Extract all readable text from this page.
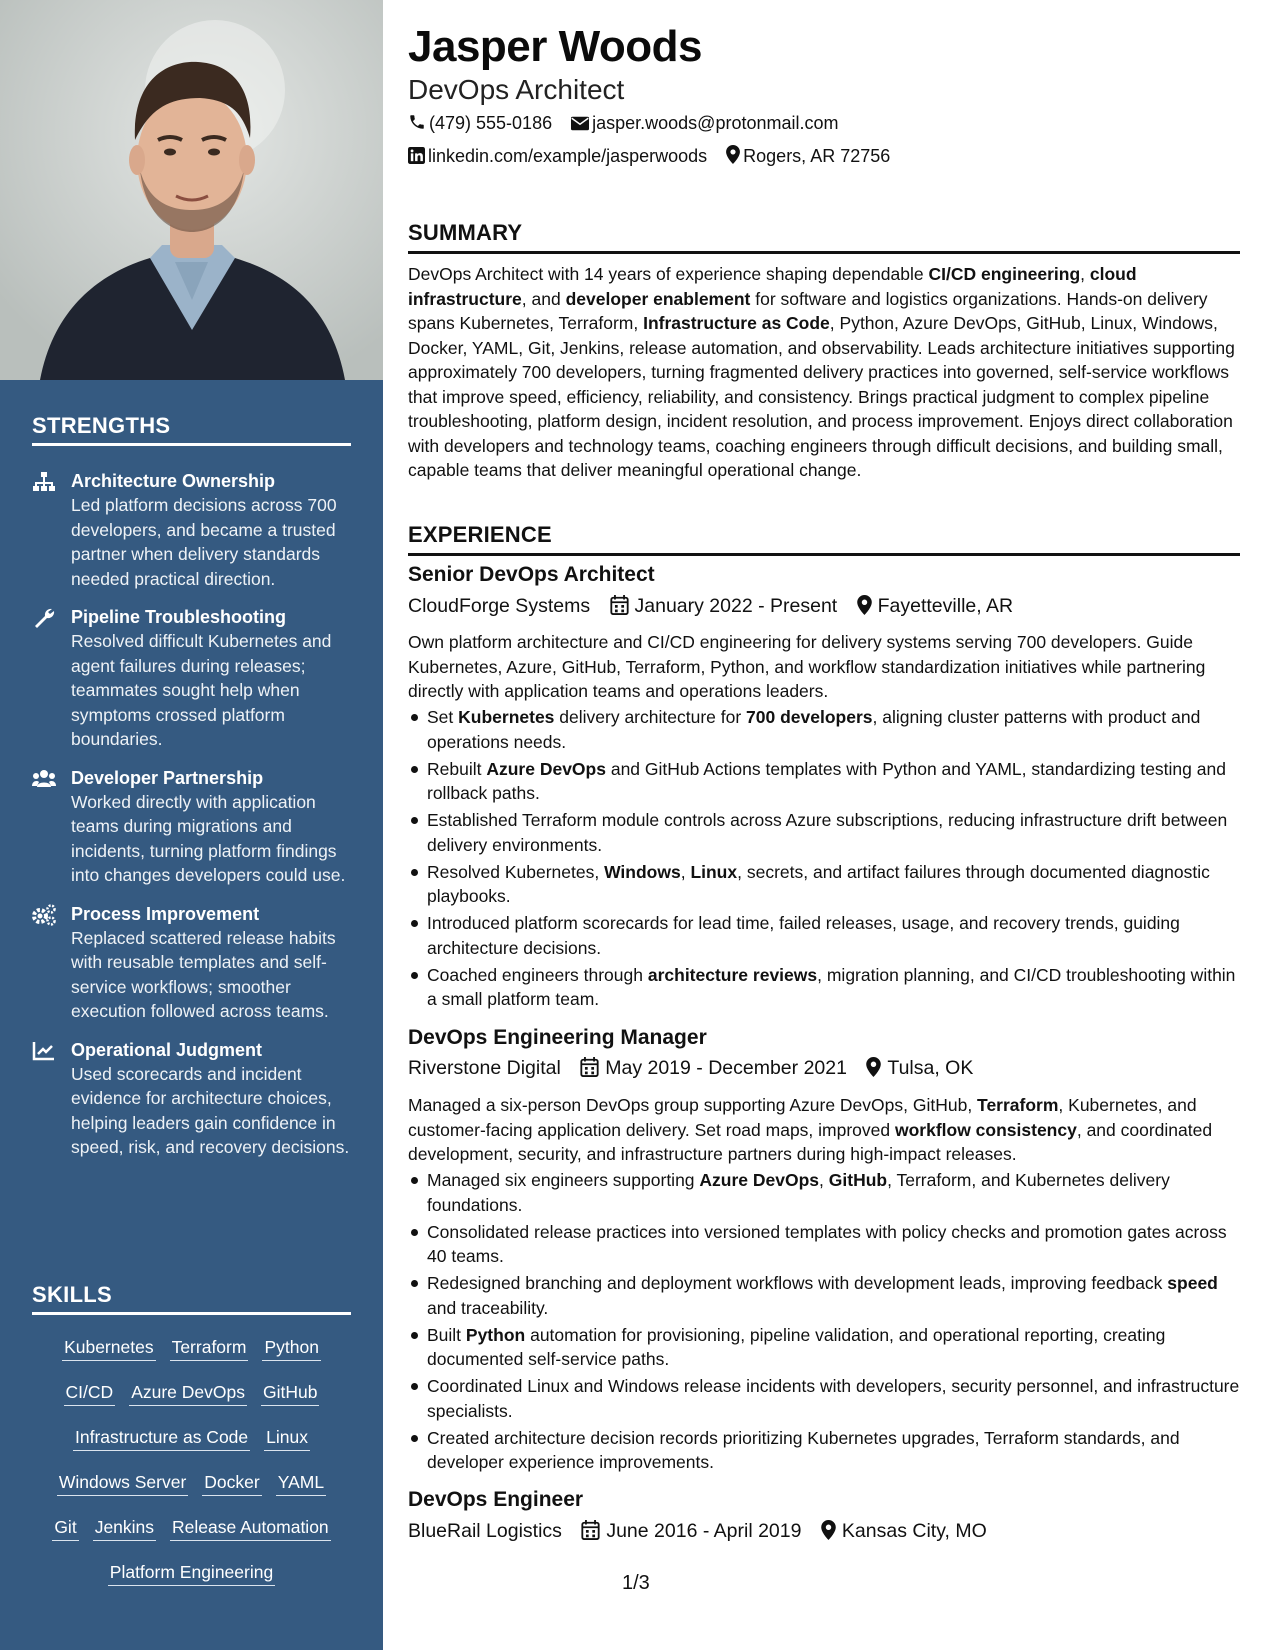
STRENGTHS
Architecture Ownership
Led platform decisions across 700 developers, and became a trusted partner when delivery standards needed practical direction.
Pipeline Troubleshooting
Resolved difficult Kubernetes and agent failures during releases; teammates sought help when symptoms crossed platform boundaries.
Developer Partnership
Worked directly with application teams during migrations and incidents, turning platform findings into changes developers could use.
Process Improvement
Replaced scattered release habits with reusable templates and self-service workflows; smoother execution followed across teams.
Operational Judgment
Used scorecards and incident evidence for architecture choices, helping leaders gain confidence in speed, risk, and recovery decisions.
SKILLS
Kubernetes Terraform Python
CI/CD Azure DevOps GitHub
Infrastructure as Code Linux
Windows Server Docker YAML
Git Jenkins Release Automation
Platform Engineering
Jasper Woods
DevOps Architect
(479) 555-0186 jasper.woods@protonmail.com
linkedin.com/example/jasperwoods Rogers, AR 72756
SUMMARY

DevOps Architect with 14 years of experience shaping dependable CI/CD engineering, cloud infrastructure, and developer enablement for software and logistics organizations. Hands-on delivery spans Kubernetes, Terraform, Infrastructure as Code, Python, Azure DevOps, GitHub, Linux, Windows, Docker, YAML, Git, Jenkins, release automation, and observability. Leads architecture initiatives supporting approximately 700 developers, turning fragmented delivery practices into governed, self-service workflows that improve speed, efficiency, reliability, and consistency. Brings practical judgment to complex pipeline troubleshooting, platform design, incident resolution, and process improvement. Enjoys direct collaboration with developers and technology teams, coaching engineers through difficult decisions, and building small, capable teams that deliver meaningful operational change.

EXPERIENCE
Senior DevOps Architect
CloudForge Systems January 2022 - Present Fayetteville, AR

Own platform architecture and CI/CD engineering for delivery systems serving 700 developers. Guide Kubernetes, Azure, GitHub, Terraform, Python, and workflow standardization initiatives while partnering directly with application teams and operations leaders.

Set Kubernetes delivery architecture for 700 developers, aligning cluster patterns with product and operations needs.
Rebuilt Azure DevOps and GitHub Actions templates with Python and YAML, standardizing testing and rollback paths.
Established Terraform module controls across Azure subscriptions, reducing infrastructure drift between delivery environments.
Resolved Kubernetes, Windows, Linux, secrets, and artifact failures through documented diagnostic playbooks.
Introduced platform scorecards for lead time, failed releases, usage, and recovery trends, guiding architecture decisions.
Coached engineers through architecture reviews, migration planning, and CI/CD troubleshooting within a small platform team.
DevOps Engineering Manager
Riverstone Digital May 2019 - December 2021 Tulsa, OK

Managed a six-person DevOps group supporting Azure DevOps, GitHub, Terraform, Kubernetes, and customer-facing application delivery. Set road maps, improved workflow consistency, and coordinated development, security, and infrastructure partners during high-impact releases.

Managed six engineers supporting Azure DevOps, GitHub, Terraform, and Kubernetes delivery foundations.
Consolidated release practices into versioned templates with policy checks and promotion gates across 40 teams.
Redesigned branching and deployment workflows with development leads, improving feedback speed and traceability.
Built Python automation for provisioning, pipeline validation, and operational reporting, creating documented self-service paths.
Coordinated Linux and Windows release incidents with developers, security personnel, and infrastructure specialists.
Created architecture decision records prioritizing Kubernetes upgrades, Terraform standards, and developer experience improvements.
DevOps Engineer
BlueRail Logistics June 2016 - April 2019 Kansas City, MO
1/3
